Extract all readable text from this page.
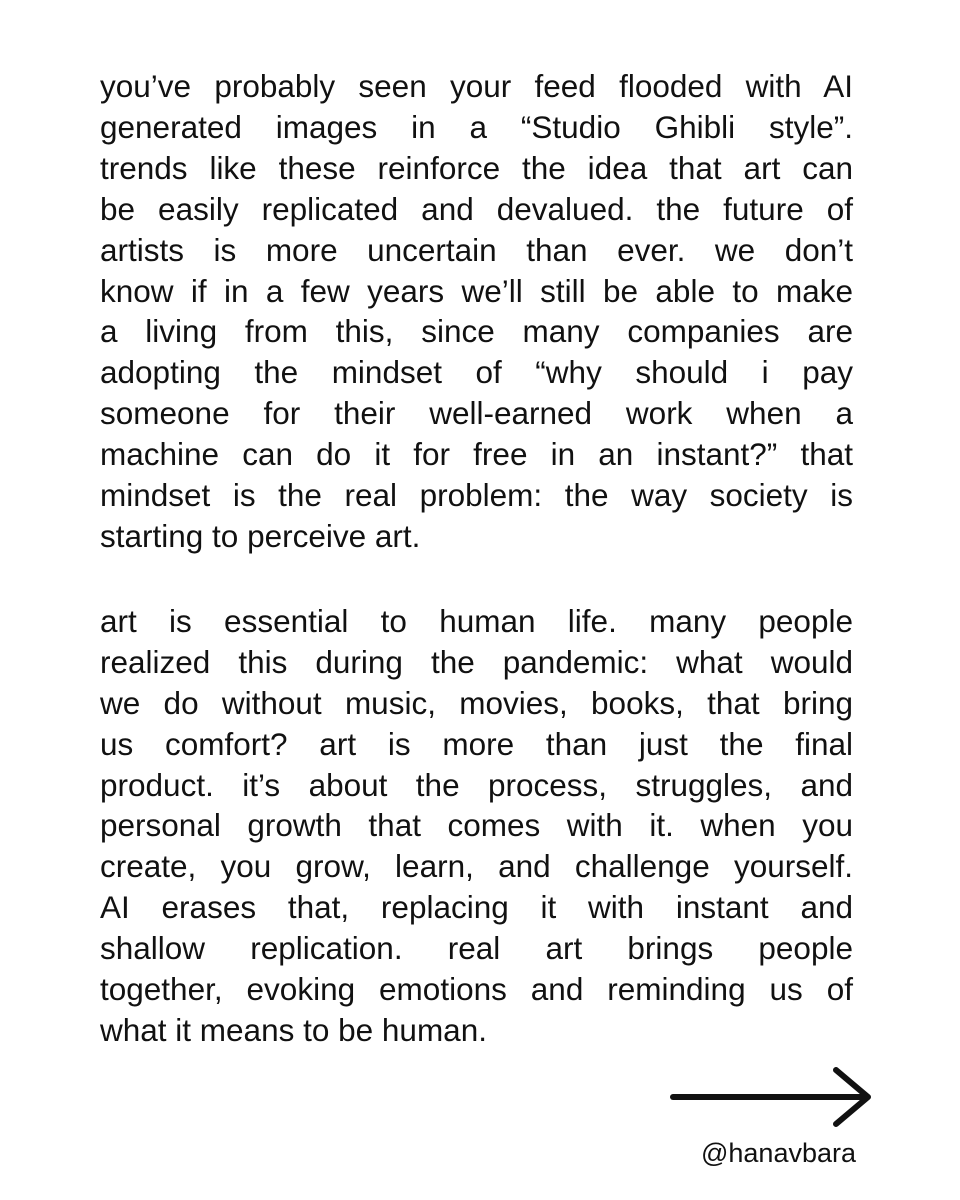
you’ve probably seen your feed flooded with AI
generated images in a “Studio Ghibli style”.
trends like these reinforce the idea that art can
be easily replicated and devalued. the future of
artists is more uncertain than ever. we don’t
know if in a few years we’ll still be able to make
a living from this, since many companies are
adopting the mindset of “why should i pay
someone for their well-earned work when a
machine can do it for free in an instant?” that
mindset is the real problem: the way society is
starting to perceive art.

art is essential to human life. many people
realized this during the pandemic: what would
we do without music, movies, books, that bring
us comfort? art is more than just the final
product. it’s about the process, struggles, and
personal growth that comes with it. when you
create, you grow, learn, and challenge yourself.
AI erases that, replacing it with instant and
shallow replication. real art brings people
together, evoking emotions and reminding us of
what it means to be human.

@hanavbara
